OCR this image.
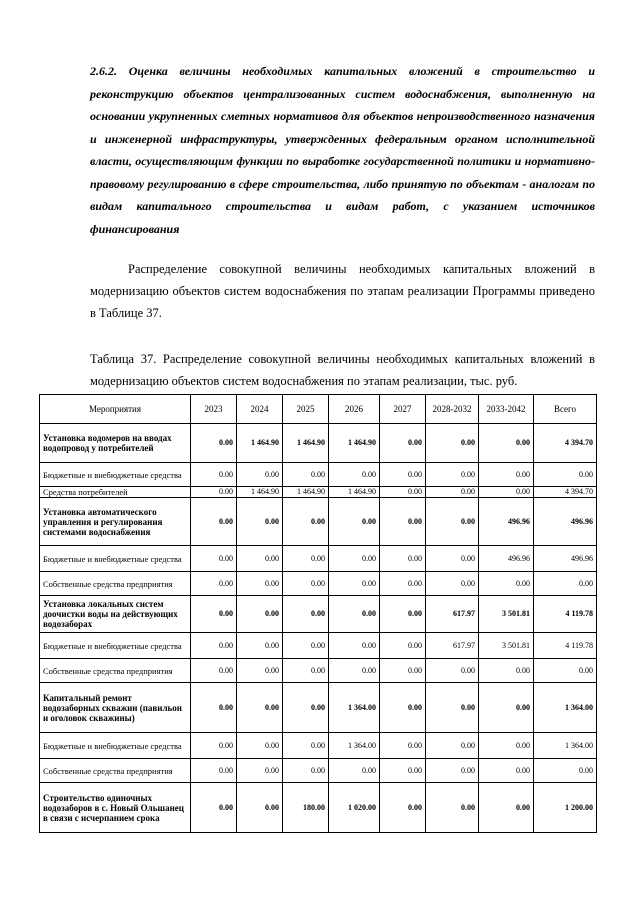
2.6.2. Оценка величины необходимых капитальных вложений в строительство и реконструкцию объектов централизованных систем водоснабжения, выполненную на основании укрупненных сметных нормативов для объектов непроизводственного назначения и инженерной инфраструктуры, утвержденных федеральным органом исполнительной власти, осуществляющим функции по выработке государственной политики и нормативно-правовому регулированию в сфере строительства, либо принятую по объектам - аналогам по видам капитального строительства и видам работ, с указанием источников финансирования

Распределение совокупной величины необходимых капитальных вложений в модернизацию объектов систем водоснабжения по этапам реализации Программы приведено в Таблице 37.

Таблица 37. Распределение совокупной величины необходимых капитальных вложений в модернизацию объектов систем водоснабжения по этапам реализации, тыс. руб.

Мероприятия	2023	2024	2025	2026	2027	2028-2032	2033-2042	Всего
Установка водомеров на вводах водопровод у потребителей	0.00	1 464.90	1 464.90	1 464.90	0.00	0.00	0.00	4 394.70
Бюджетные и внебюджетные средства	0.00	0.00	0.00	0.00	0.00	0.00	0.00	0.00
Средства потребителей	0.00	1 464.90	1 464.90	1 464.90	0.00	0.00	0.00	4 394.70
Установка автоматического управления и регулирования системами водоснабжения	0.00	0.00	0.00	0.00	0.00	0.00	496.96	496.96
Бюджетные и внебюджетные средства	0.00	0.00	0.00	0.00	0.00	0.00	496.96	496.96
Собственные средства предприятия	0.00	0.00	0.00	0.00	0.00	0.00	0.00	0.00
Установка локальных систем доочистки воды на действующих водозаборах	0.00	0.00	0.00	0.00	0.00	617.97	3 501.81	4 119.78
Бюджетные и внебюджетные средства	0.00	0.00	0.00	0.00	0.00	617.97	3 501.81	4 119.78
Собственные средства предприятия	0.00	0.00	0.00	0.00	0.00	0.00	0.00	0.00
Капитальный ремонт водозаборных скважин (павильон и оголовок скважины)	0.00	0.00	0.00	1 364.00	0.00	0.00	0.00	1 364.00
Бюджетные и внебюджетные средства	0.00	0.00	0.00	1 364.00	0.00	0.00	0.00	1 364.00
Собственные средства предприятия	0.00	0.00	0.00	0.00	0.00	0.00	0.00	0.00
Строительство одиночных водозаборов в с. Новый Ольшанец в связи с исчерпанием срока	0.00	0.00	180.00	1 020.00	0.00	0.00	0.00	1 200.00
